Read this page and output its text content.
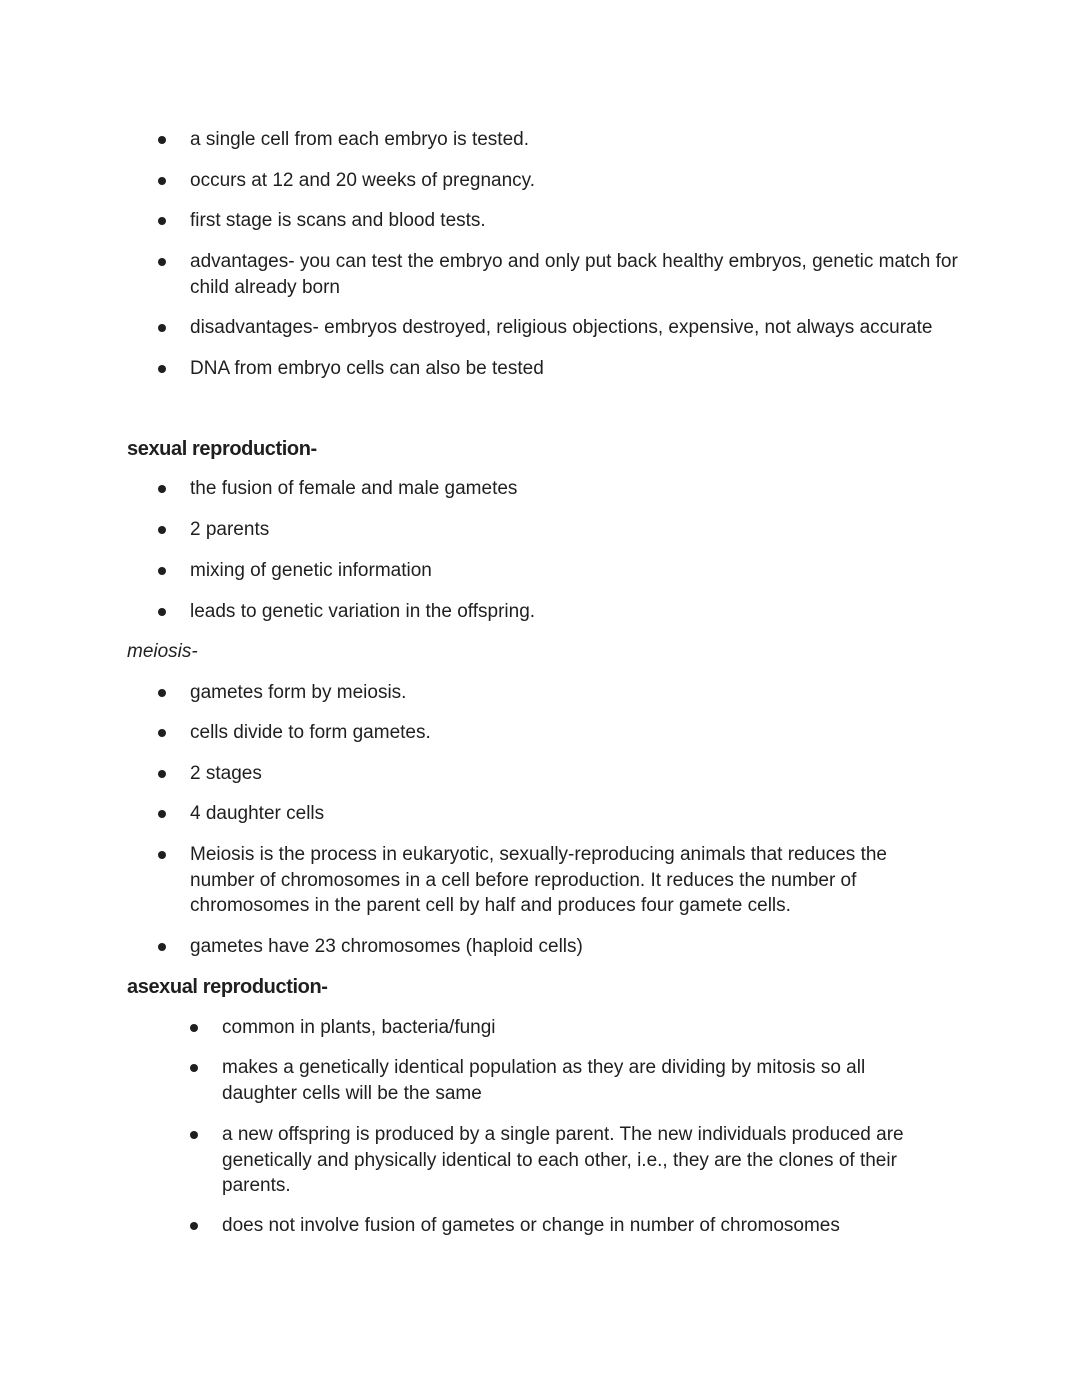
a single cell from each embryo is tested.
occurs at 12 and 20 weeks of pregnancy.
first stage is scans and blood tests.
advantages- you can test the embryo and only put back healthy embryos, genetic match for child already born
disadvantages- embryos destroyed, religious objections, expensive, not always accurate
DNA from embryo cells can also be tested
sexual reproduction-
the fusion of female and male gametes
2 parents
mixing of genetic information
leads to genetic variation in the offspring.
meiosis-
gametes form by meiosis.
cells divide to form gametes.
2 stages
4 daughter cells
Meiosis is the process in eukaryotic, sexually-reproducing animals that reduces the number of chromosomes in a cell before reproduction. It reduces the number of chromosomes in the parent cell by half and produces four gamete cells.
gametes have 23 chromosomes (haploid cells)
asexual reproduction-
common in plants, bacteria/fungi
makes a genetically identical population as they are dividing by mitosis so all daughter cells will be the same
a new offspring is produced by a single parent. The new individuals produced are genetically and physically identical to each other, i.e., they are the clones of their parents.
does not involve fusion of gametes or change in number of chromosomes
